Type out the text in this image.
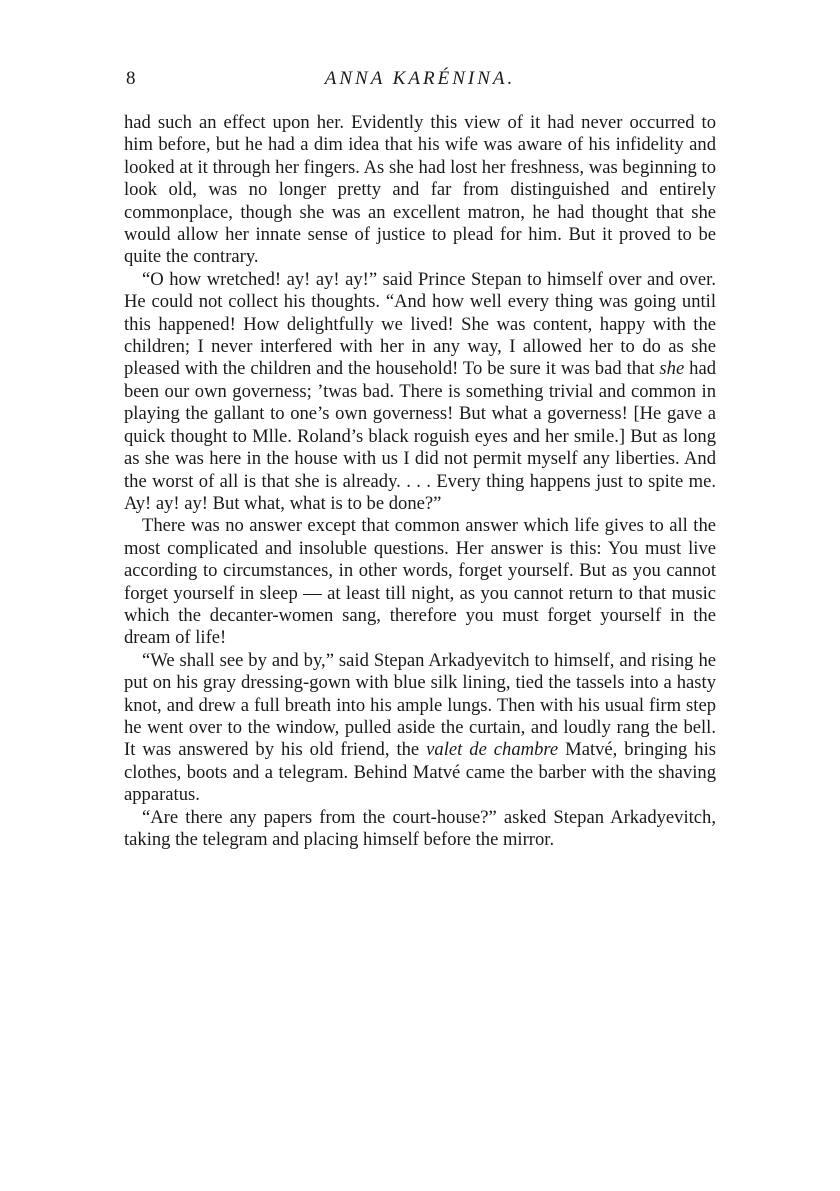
8	ANNA KARÉNINA.

had such an effect upon her. Evidently this view of it had never occurred to him before, but he had a dim idea that his wife was aware of his infidelity and looked at it through her fingers. As she had lost her freshness, was beginning to look old, was no longer pretty and far from distinguished and entirely commonplace, though she was an excellent matron, he had thought that she would allow her innate sense of justice to plead for him. But it proved to be quite the contrary.

“O how wretched! ay! ay! ay!” said Prince Stepan to himself over and over. He could not collect his thoughts. “And how well every thing was going until this happened! How delightfully we lived! She was content, happy with the children; I never interfered with her in any way, I allowed her to do as she pleased with the children and the household! To be sure it was bad that she had been our own governess; ’twas bad. There is something trivial and common in playing the gallant to one’s own governess! But what a governess! [He gave a quick thought to Mlle. Roland’s black roguish eyes and her smile.] But as long as she was here in the house with us I did not permit myself any liberties. And the worst of all is that she is already. . . . Every thing happens just to spite me. Ay! ay! ay! But what, what is to be done?”

There was no answer except that common answer which life gives to all the most complicated and insoluble questions. Her answer is this: You must live according to circumstances, in other words, forget yourself. But as you cannot forget yourself in sleep — at least till night, as you cannot return to that music which the decanter-women sang, therefore you must forget yourself in the dream of life!

“We shall see by and by,” said Stepan Arkadyevitch to himself, and rising he put on his gray dressing-gown with blue silk lining, tied the tassels into a hasty knot, and drew a full breath into his ample lungs. Then with his usual firm step he went over to the window, pulled aside the curtain, and loudly rang the bell. It was answered by his old friend, the valet de chambre Matvé, bringing his clothes, boots and a telegram. Behind Matvé came the barber with the shaving apparatus.

“Are there any papers from the court-house?” asked Stepan Arkadyevitch, taking the telegram and placing himself before the mirror.
